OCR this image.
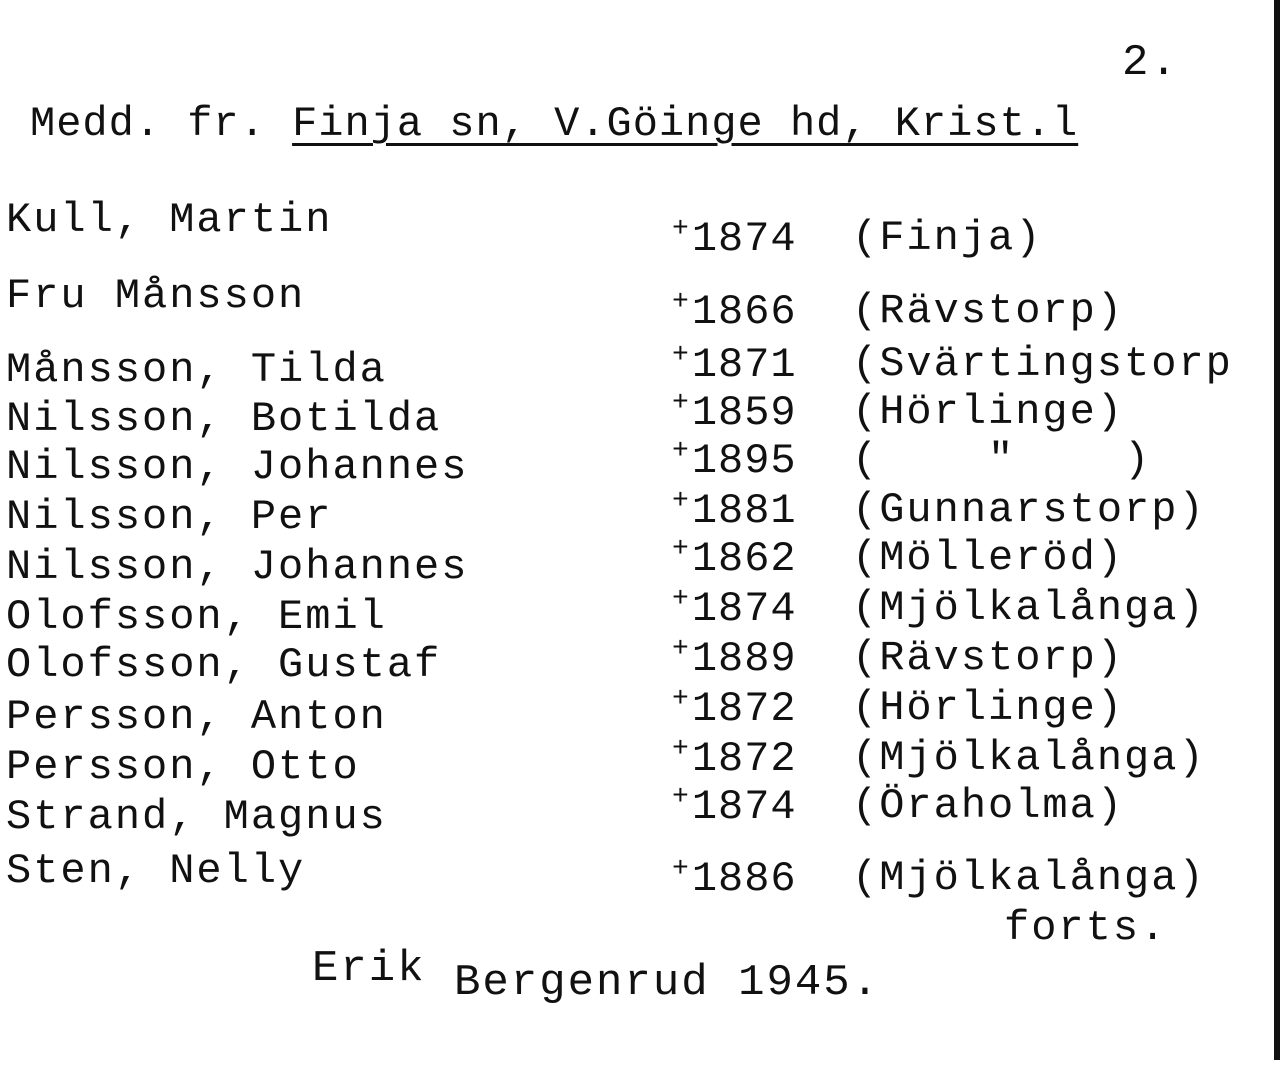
2.
Medd. fr. Finja sn, V.Göinge hd, Krist.l
Kull, Martin	+1874 (Finja)
Fru Månsson	+1866 (Rävstorp)
Månsson, Tilda	+1871 (Svärtingstorp
Nilsson, Botilda	+1859 (Hörlinge)
Nilsson, Johannes	+1895 (    "    )
Nilsson, Per	+1881 (Gunnarstorp)
Nilsson, Johannes	+1862 (Mölleröd)
Olofsson, Emil	+1874 (Mjölkalånga)
Olofsson, Gustaf	+1889 (Rävstorp)
Persson, Anton	+1872 (Hörlinge)
Persson, Otto	+1872 (Mjölkalånga)
Strand, Magnus	+1874 (Öraholma)
Sten, Nelly	+1886 (Mjölkalånga)
forts.
Erik Bergenrud 1945.
